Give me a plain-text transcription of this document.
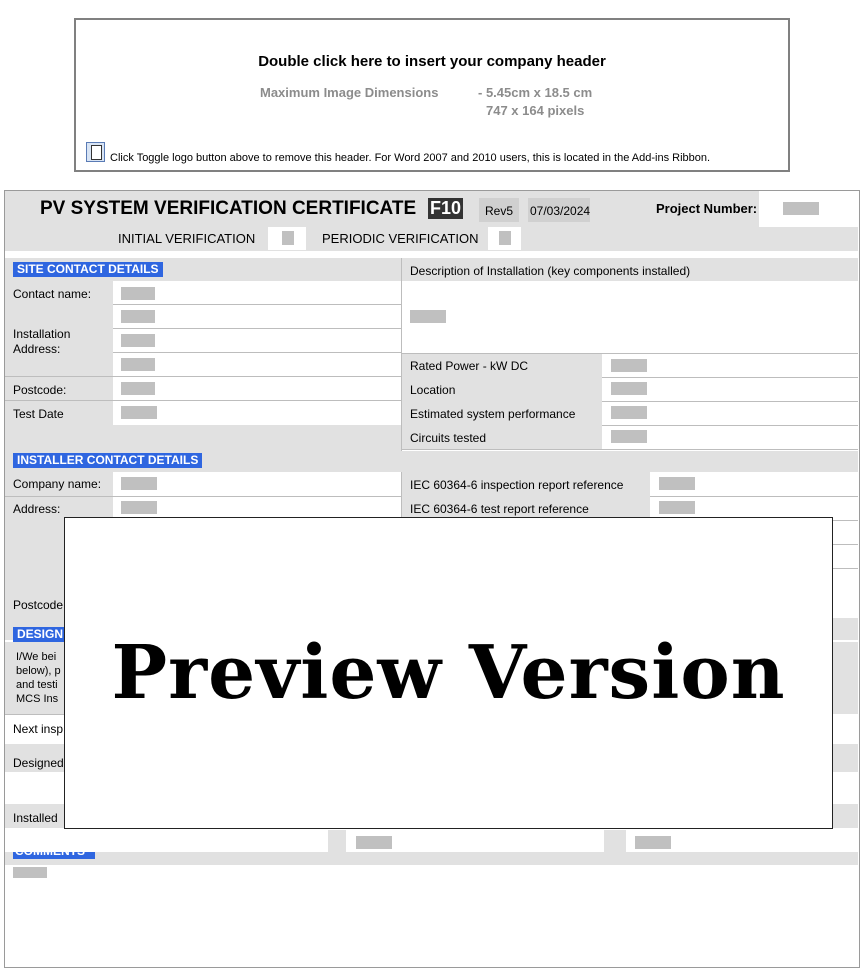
Double click here to insert your company header
Maximum Image Dimensions	- 5.45cm x 18.5 cm
747 x 164 pixels
Click Toggle logo button above to remove this header. For Word 2007 and 2010 users, this is located in the Add-ins Ribbon.
PV SYSTEM VERIFICATION CERTIFICATE F10 Rev5 07/03/2024	Project Number:
INITIAL VERIFICATION	PERIODIC VERIFICATION
SITE CONTACT DETAILS
Contact name:
Installation Address:
Postcode:
Test Date
Description of Installation (key components installed)
Rated Power - kW DC
Location
Estimated system performance
Circuits tested
INSTALLER CONTACT DETAILS
Company name:
Address:
IEC 60364-6 inspection report reference
IEC 60364-6 test report reference
Postcode
DESIGN
I/We bei
below), p
and testi
MCS Ins
Next insp
Designed
Installed
COMMENTS
Preview Version
